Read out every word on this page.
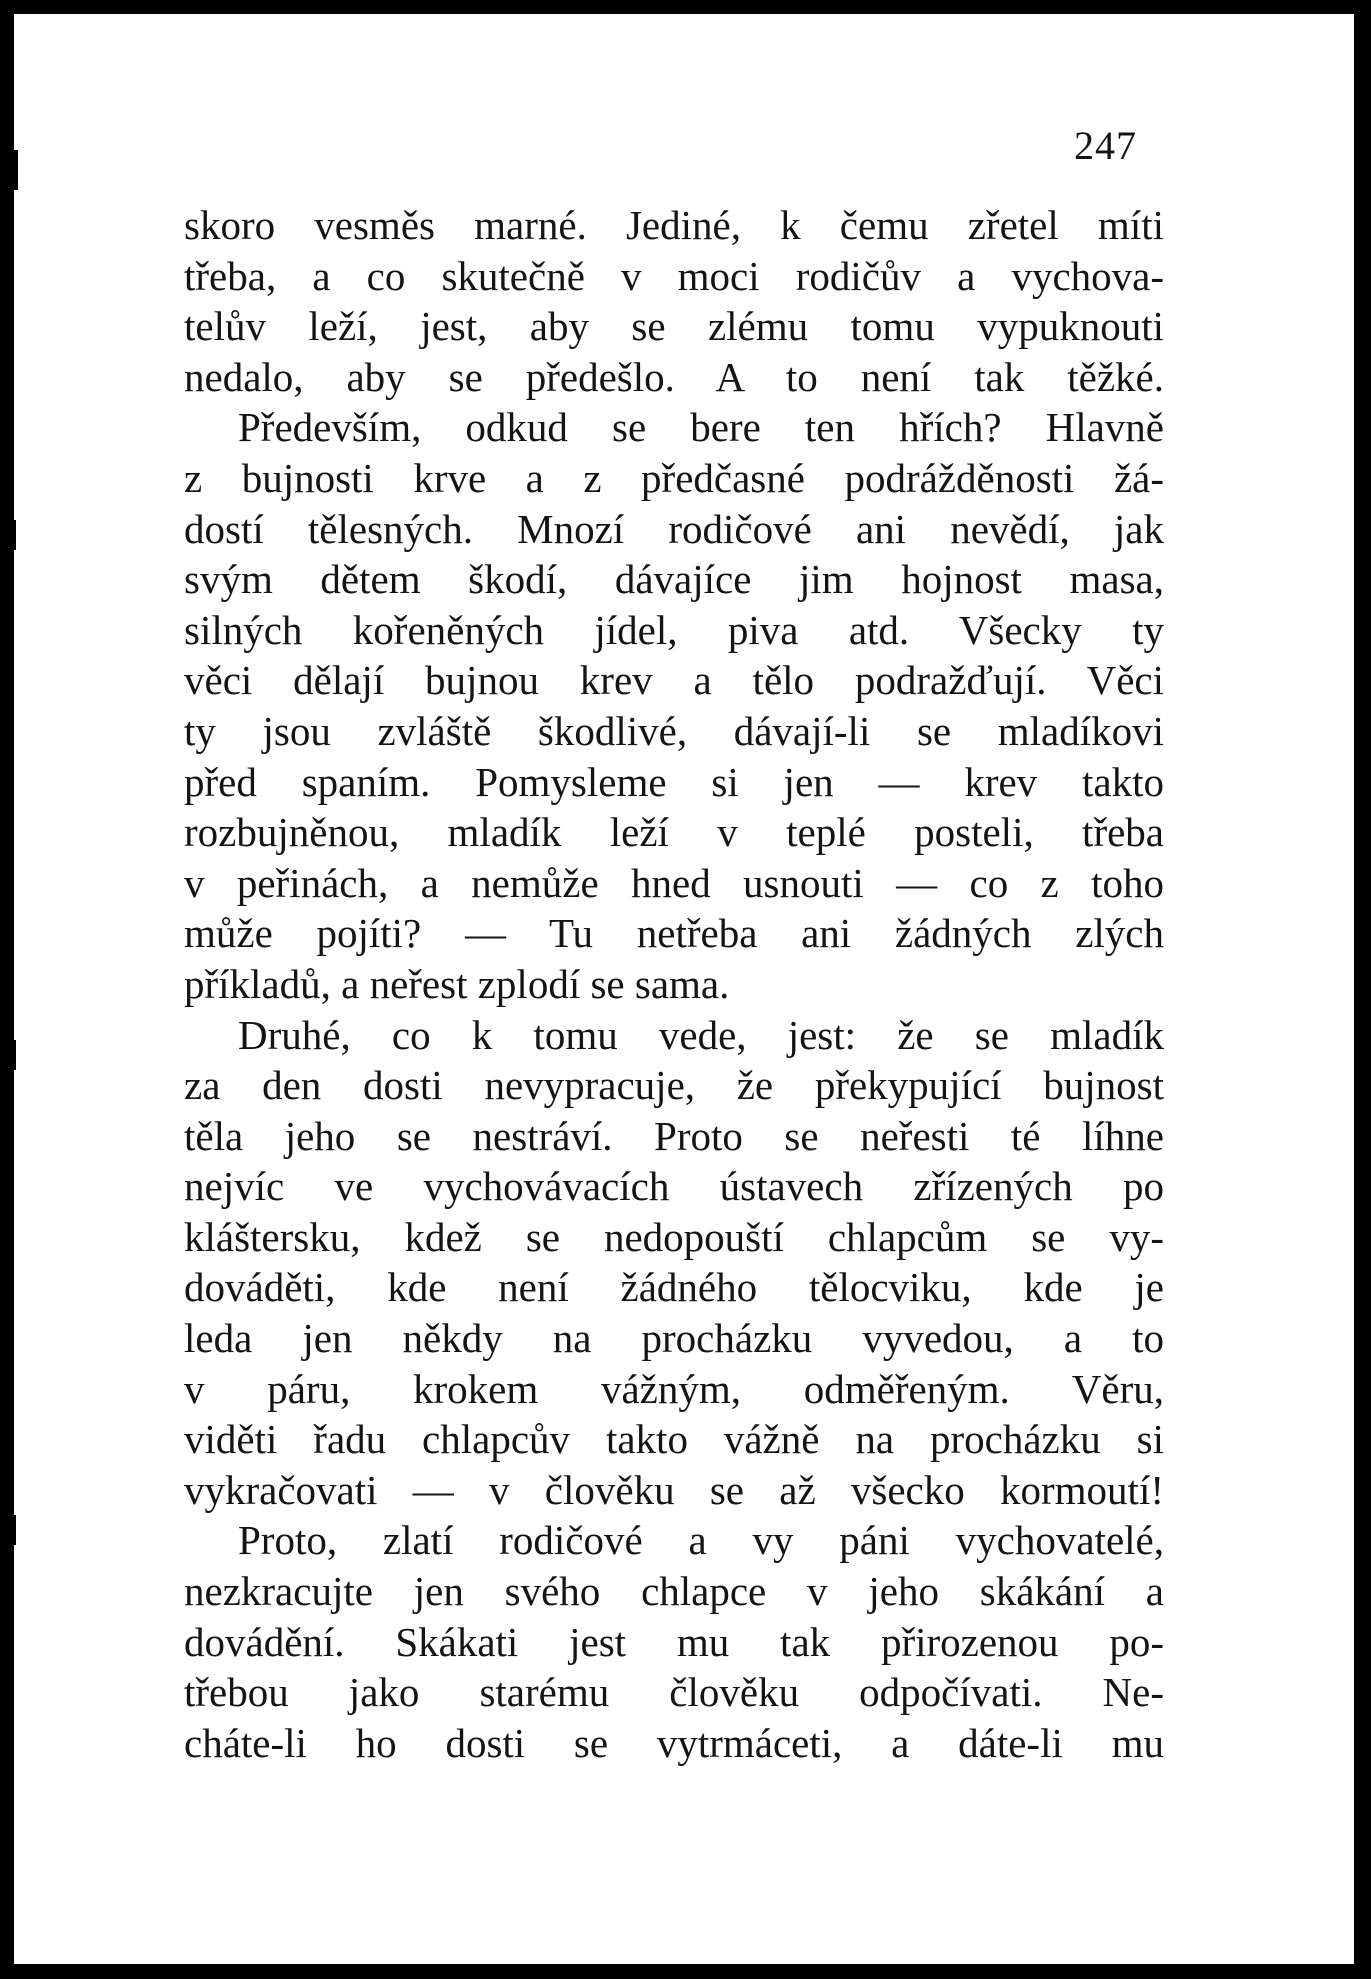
247
skoro vesměs marné. Jediné, k čemu zřetel míti
třeba, a co skutečně v moci rodičův a vychova-
telův leží, jest, aby se zlému tomu vypuknouti
nedalo, aby se předešlo. A to není tak těžké.
Především, odkud se bere ten hřích? Hlavně
z bujnosti krve a z předčasné podrážděnosti žá-
dostí tělesných. Mnozí rodičové ani nevědí, jak
svým dětem škodí, dávajíce jim hojnost masa,
silných kořeněných jídel, piva atd. Všecky ty
věci dělají bujnou krev a tělo podražďují. Věci
ty jsou zvláště škodlivé, dávají-li se mladíkovi
před spaním. Pomysleme si jen — krev takto
rozbujněnou, mladík leží v teplé posteli, třeba
v peřinách, a nemůže hned usnouti — co z toho
může pojíti? — Tu netřeba ani žádných zlých
příkladů, a neřest zplodí se sama.
Druhé, co k tomu vede, jest: že se mladík
za den dosti nevypracuje, že překypující bujnost
těla jeho se nestráví. Proto se neřesti té líhne
nejvíc ve vychovávacích ústavech zřízených po
kláštersku, kdež se nedopouští chlapcům se vy-
dováděti, kde není žádného tělocviku, kde je
leda jen někdy na procházku vyvedou, a to
v páru, krokem vážným, odměřeným. Věru,
viděti řadu chlapcův takto vážně na procházku si
vykračovati — v člověku se až všecko kormoutí!
Proto, zlatí rodičové a vy páni vychovatelé,
nezkracujte jen svého chlapce v jeho skákání a
dovádění. Skákati jest mu tak přirozenou po-
třebou jako starému člověku odpočívati. Ne-
cháte-li ho dosti se vytrmáceti, a dáte-li mu
